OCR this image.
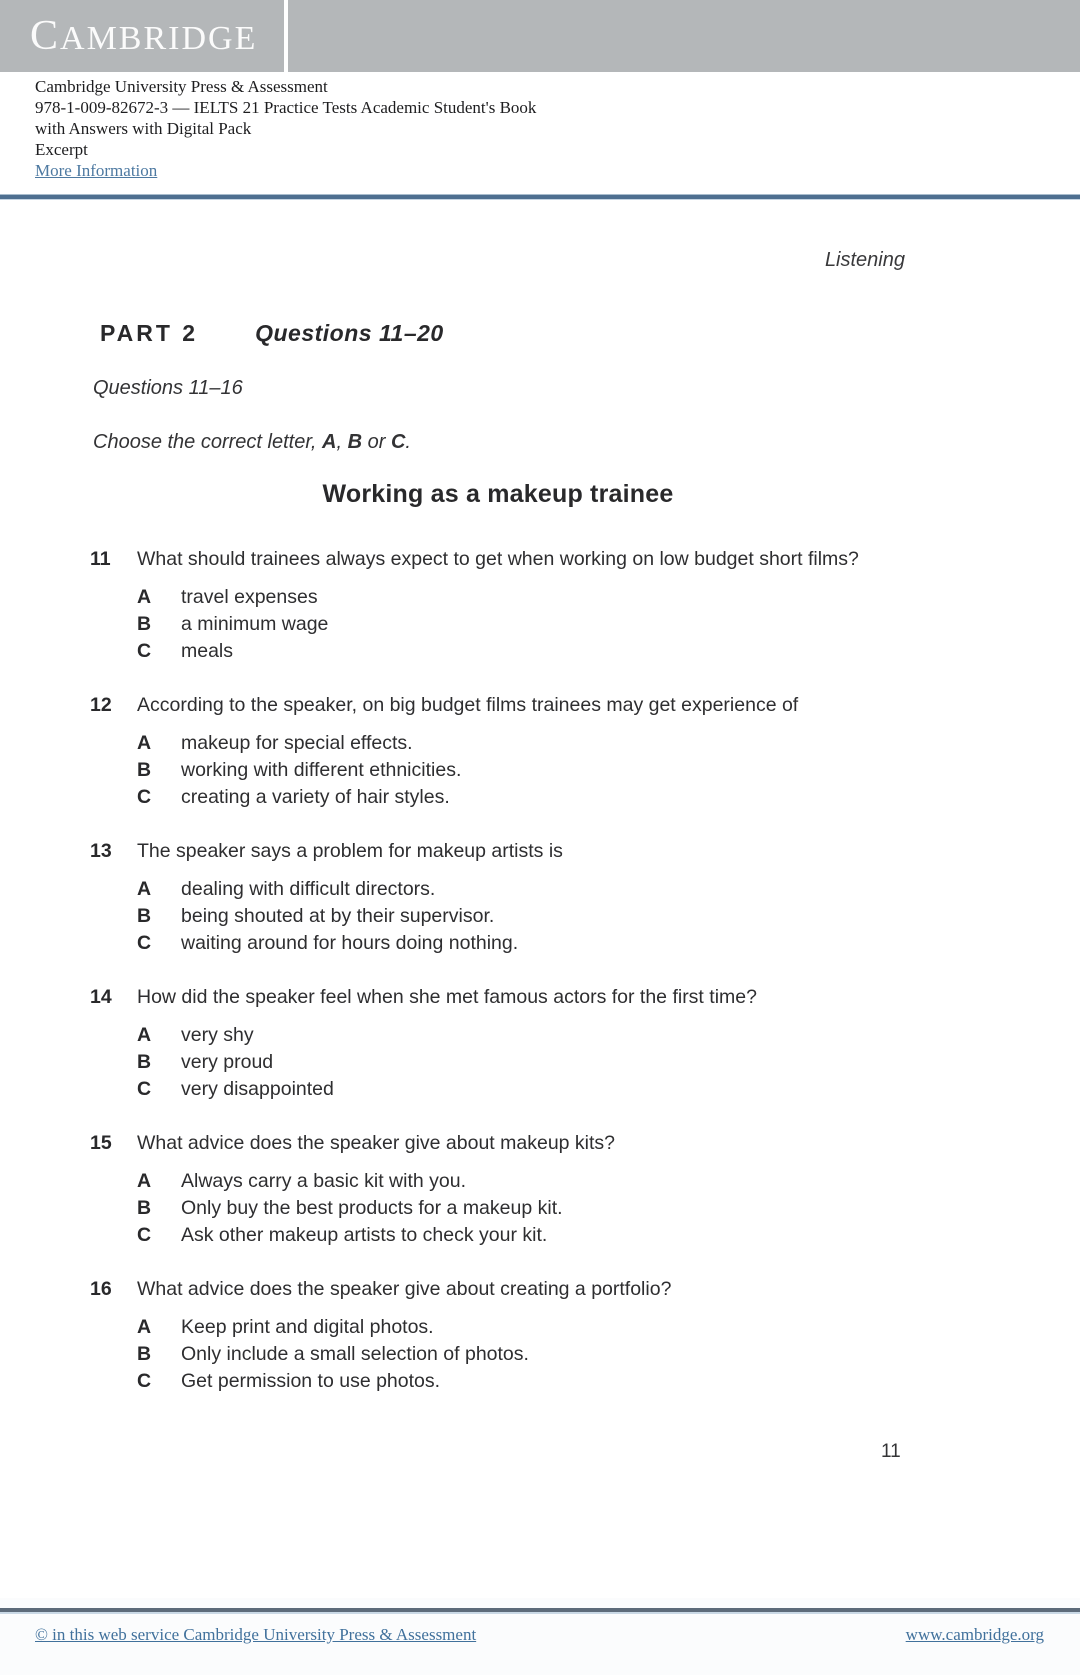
CAMBRIDGE
Cambridge University Press & Assessment
978-1-009-82672-3 — IELTS 21 Practice Tests Academic Student's Book
with Answers with Digital Pack
Excerpt
More Information
Listening
PART 2 Questions 11–20
Questions 11–16
Choose the correct letter, A, B or C.
Working as a makeup trainee
11	What should trainees always expect to get when working on low budget short films?
A	travel expenses
B	a minimum wage
C	meals
12	According to the speaker, on big budget films trainees may get experience of
A	makeup for special effects.
B	working with different ethnicities.
C	creating a variety of hair styles.
13	The speaker says a problem for makeup artists is
A	dealing with difficult directors.
B	being shouted at by their supervisor.
C	waiting around for hours doing nothing.
14	How did the speaker feel when she met famous actors for the first time?
A	very shy
B	very proud
C	very disappointed
15	What advice does the speaker give about makeup kits?
A	Always carry a basic kit with you.
B	Only buy the best products for a makeup kit.
C	Ask other makeup artists to check your kit.
16	What advice does the speaker give about creating a portfolio?
A	Keep print and digital photos.
B	Only include a small selection of photos.
C	Get permission to use photos.
11
© in this web service Cambridge University Press & Assessment	www.cambridge.org
